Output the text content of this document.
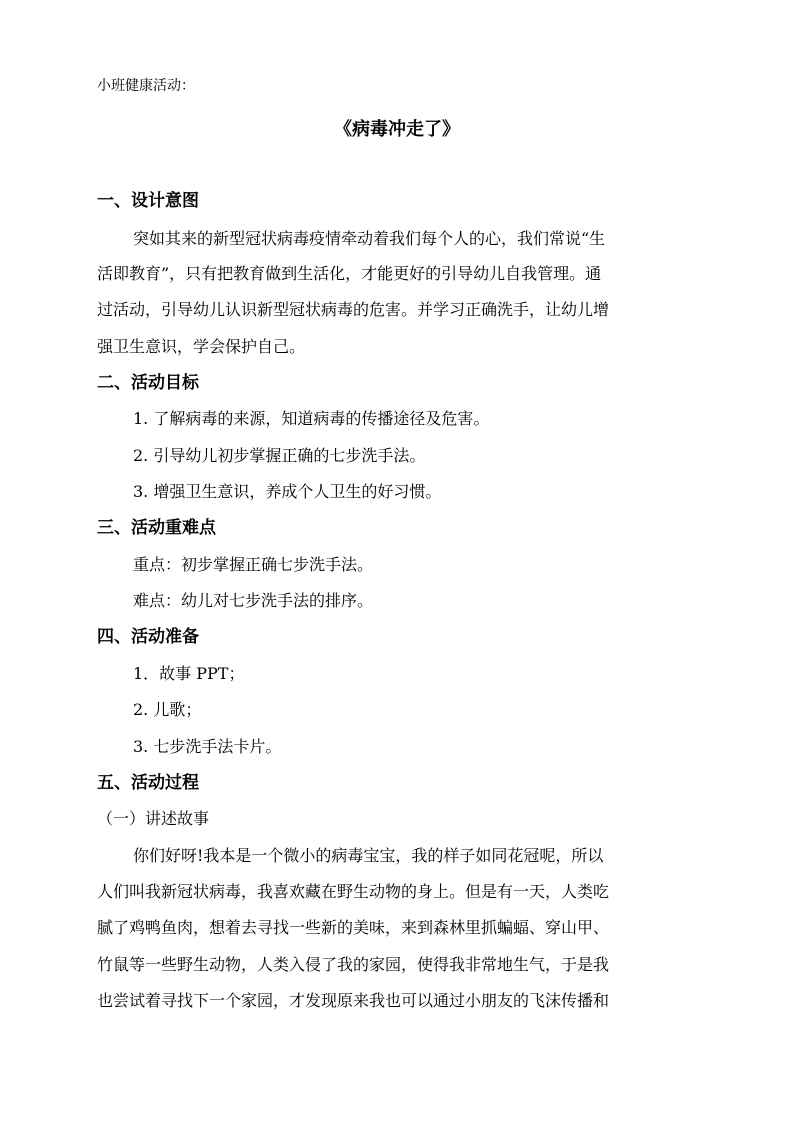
小班健康活动：
《病毒冲走了》
一、设计意图
突如其来的新型冠状病毒疫情牵动着我们每个人的心，我们常说“生
活即教育”，只有把教育做到生活化，才能更好的引导幼儿自我管理。通
过活动，引导幼儿认识新型冠状病毒的危害。并学习正确洗手，让幼儿增
强卫生意识，学会保护自己。
二、活动目标
1. 了解病毒的来源，知道病毒的传播途径及危害。
2. 引导幼儿初步掌握正确的七步洗手法。
3. 增强卫生意识，养成个人卫生的好习惯。
三、活动重难点
重点：初步掌握正确七步洗手法。
难点：幼儿对七步洗手法的排序。
四、活动准备
1．故事 PPT；
2. 儿歌；
3. 七步洗手法卡片。
五、活动过程
（一）讲述故事
你们好呀!我本是一个微小的病毒宝宝，我的样子如同花冠呢，所以
人们叫我新冠状病毒，我喜欢藏在野生动物的身上。但是有一天，人类吃
腻了鸡鸭鱼肉，想着去寻找一些新的美味，来到森林里抓蝙蝠、穿山甲、
竹鼠等一些野生动物，人类入侵了我的家园，使得我非常地生气，于是我
也尝试着寻找下一个家园，才发现原来我也可以通过小朋友的飞沫传播和
